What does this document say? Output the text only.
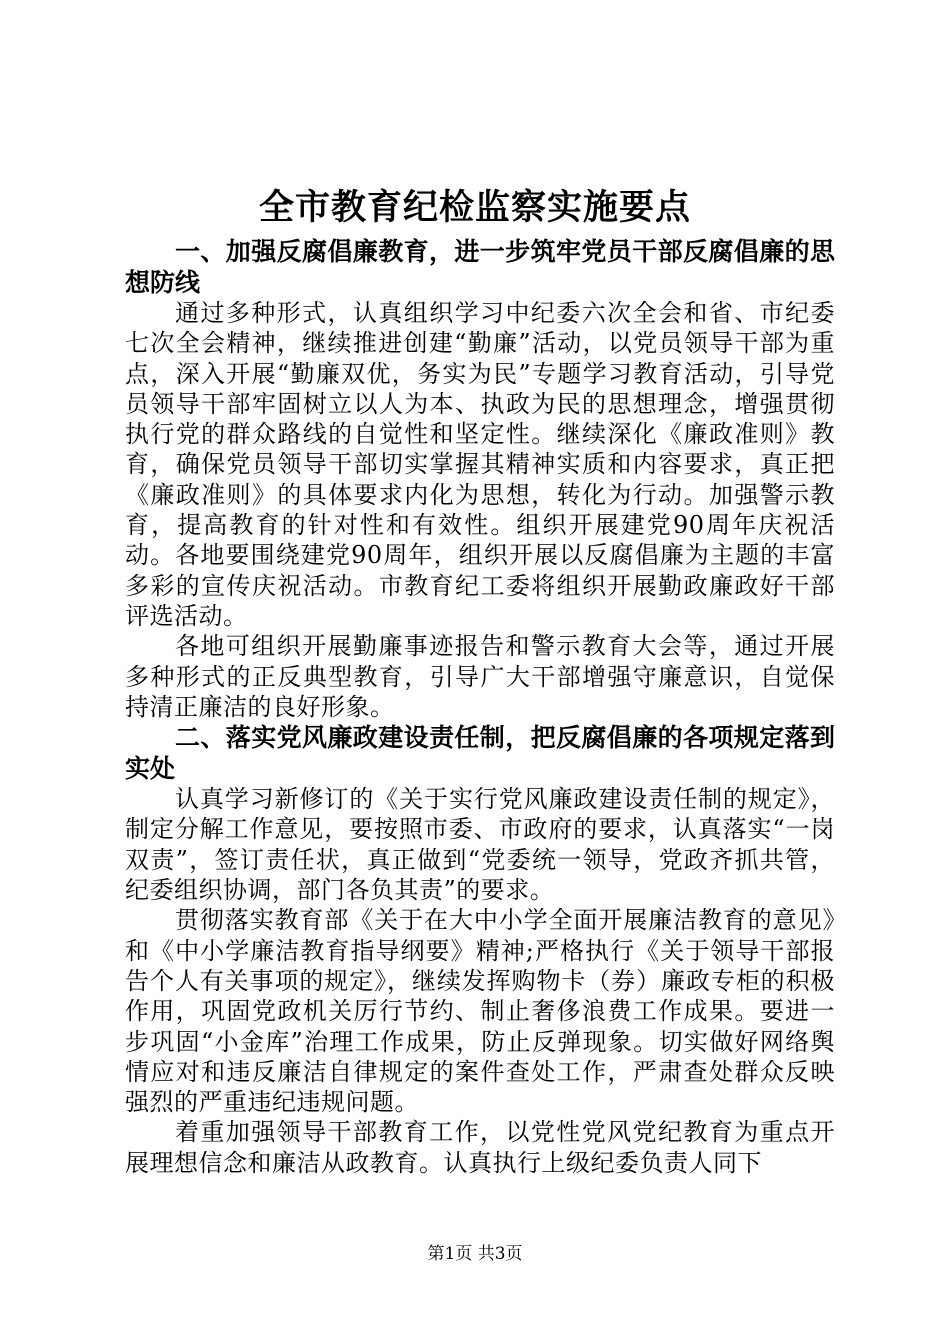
全市教育纪检监察实施要点

一、加强反腐倡廉教育，进一步筑牢党员干部反腐倡廉的思想防线

通过多种形式，认真组织学习中纪委六次全会和省、市纪委七次全会精神，继续推进创建“勤廉”活动，以党员领导干部为重点，深入开展“勤廉双优，务实为民”专题学习教育活动，引导党员领导干部牢固树立以人为本、执政为民的思想理念，增强贯彻执行党的群众路线的自觉性和坚定性。继续深化《廉政准则》教育，确保党员领导干部切实掌握其精神实质和内容要求，真正把《廉政准则》的具体要求内化为思想，转化为行动。加强警示教育，提高教育的针对性和有效性。组织开展建党90周年庆祝活动。各地要围绕建党90周年，组织开展以反腐倡廉为主题的丰富多彩的宣传庆祝活动。市教育纪工委将组织开展勤政廉政好干部评选活动。

各地可组织开展勤廉事迹报告和警示教育大会等，通过开展多种形式的正反典型教育，引导广大干部增强守廉意识，自觉保持清正廉洁的良好形象。

二、落实党风廉政建设责任制，把反腐倡廉的各项规定落到实处

认真学习新修订的《关于实行党风廉政建设责任制的规定》，制定分解工作意见，要按照市委、市政府的要求，认真落实“一岗双责”，签订责任状，真正做到“党委统一领导，党政齐抓共管，纪委组织协调，部门各负其责”的要求。

贯彻落实教育部《关于在大中小学全面开展廉洁教育的意见》和《中小学廉洁教育指导纲要》精神;严格执行《关于领导干部报告个人有关事项的规定》，继续发挥购物卡（券）廉政专柜的积极作用，巩固党政机关厉行节约、制止奢侈浪费工作成果。要进一步巩固“小金库”治理工作成果，防止反弹现象。切实做好网络舆情应对和违反廉洁自律规定的案件查处工作，严肃查处群众反映强烈的严重违纪违规问题。

着重加强领导干部教育工作，以党性党风党纪教育为重点开展理想信念和廉洁从政教育。认真执行上级纪委负责人同下

第1页 共3页
